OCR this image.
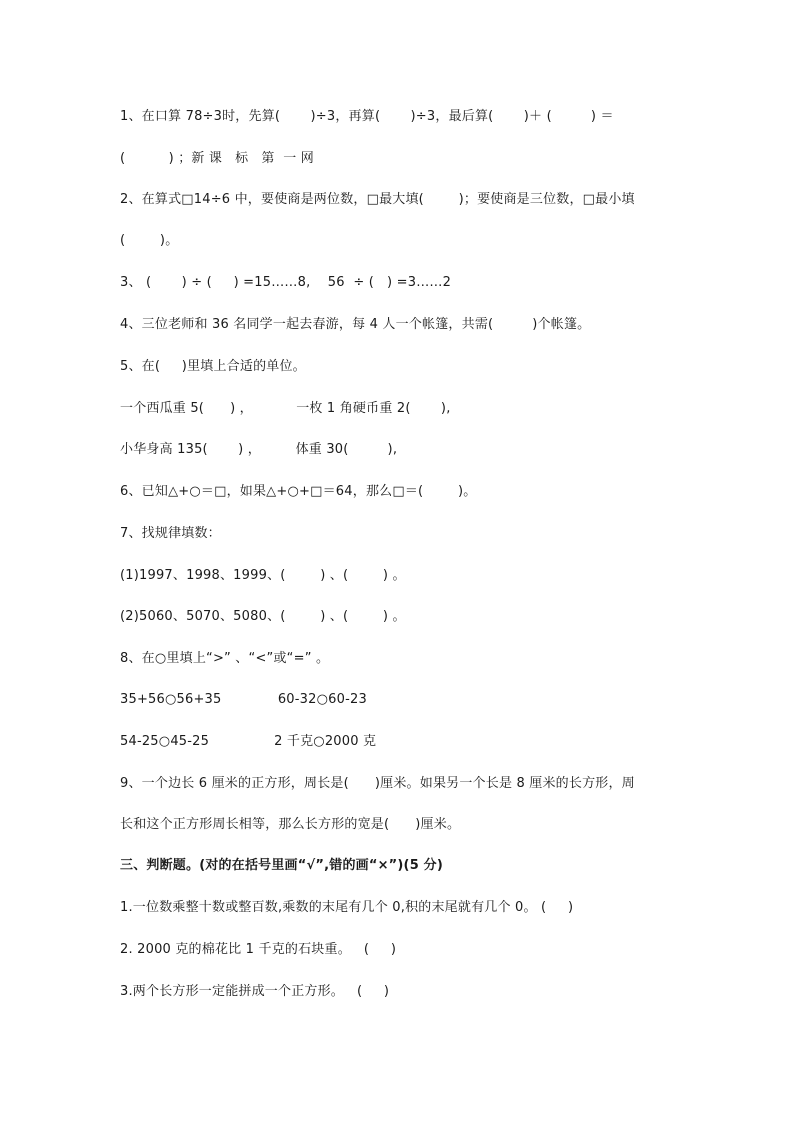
1、在口算 78÷3时，先算(       )÷3，再算(       )÷3，最后算(       )＋ (         ) ＝
(          ) ；新 课   标   第  一 网
2、在算式□14÷6 中，要使商是两位数，□最大填(        )；要使商是三位数，□最小填
(        )。
3、 (       ) ÷ (     ) =15……8,    56  ÷ (   ) =3……2
4、三位老师和 36 名同学一起去春游，每 4 人一个帐篷，共需(         )个帐篷。
5、在(     )里填上合适的单位。
一个西瓜重 5(      ) ，          一枚 1 角硬币重 2(       ),
小华身高 135(       ) ，        体重 30(         ),
6、已知△+○＝□，如果△+○+□＝64，那么□＝(        )。
7、找规律填数：
(1)1997、1998、1999、(        ) 、(        ) 。
(2)5060、5070、5080、(        ) 、(        ) 。
8、在○里填上“>” 、“<”或“=” 。
35+56○56+35             60-32○60-23
54-25○45-25               2 千克○2000 克
9、一个边长 6 厘米的正方形，周长是(      )厘米。如果另一个长是 8 厘米的长方形，周
长和这个正方形周长相等，那么长方形的宽是(      )厘米。
三、判断题。(对的在括号里画“√”,错的画“×”)(5 分)
1.一位数乘整十数或整百数,乘数的末尾有几个 0,积的末尾就有几个 0。 (     )
2. 2000 克的棉花比 1 千克的石块重。   (     )
3.两个长方形一定能拼成一个正方形。   (     )
